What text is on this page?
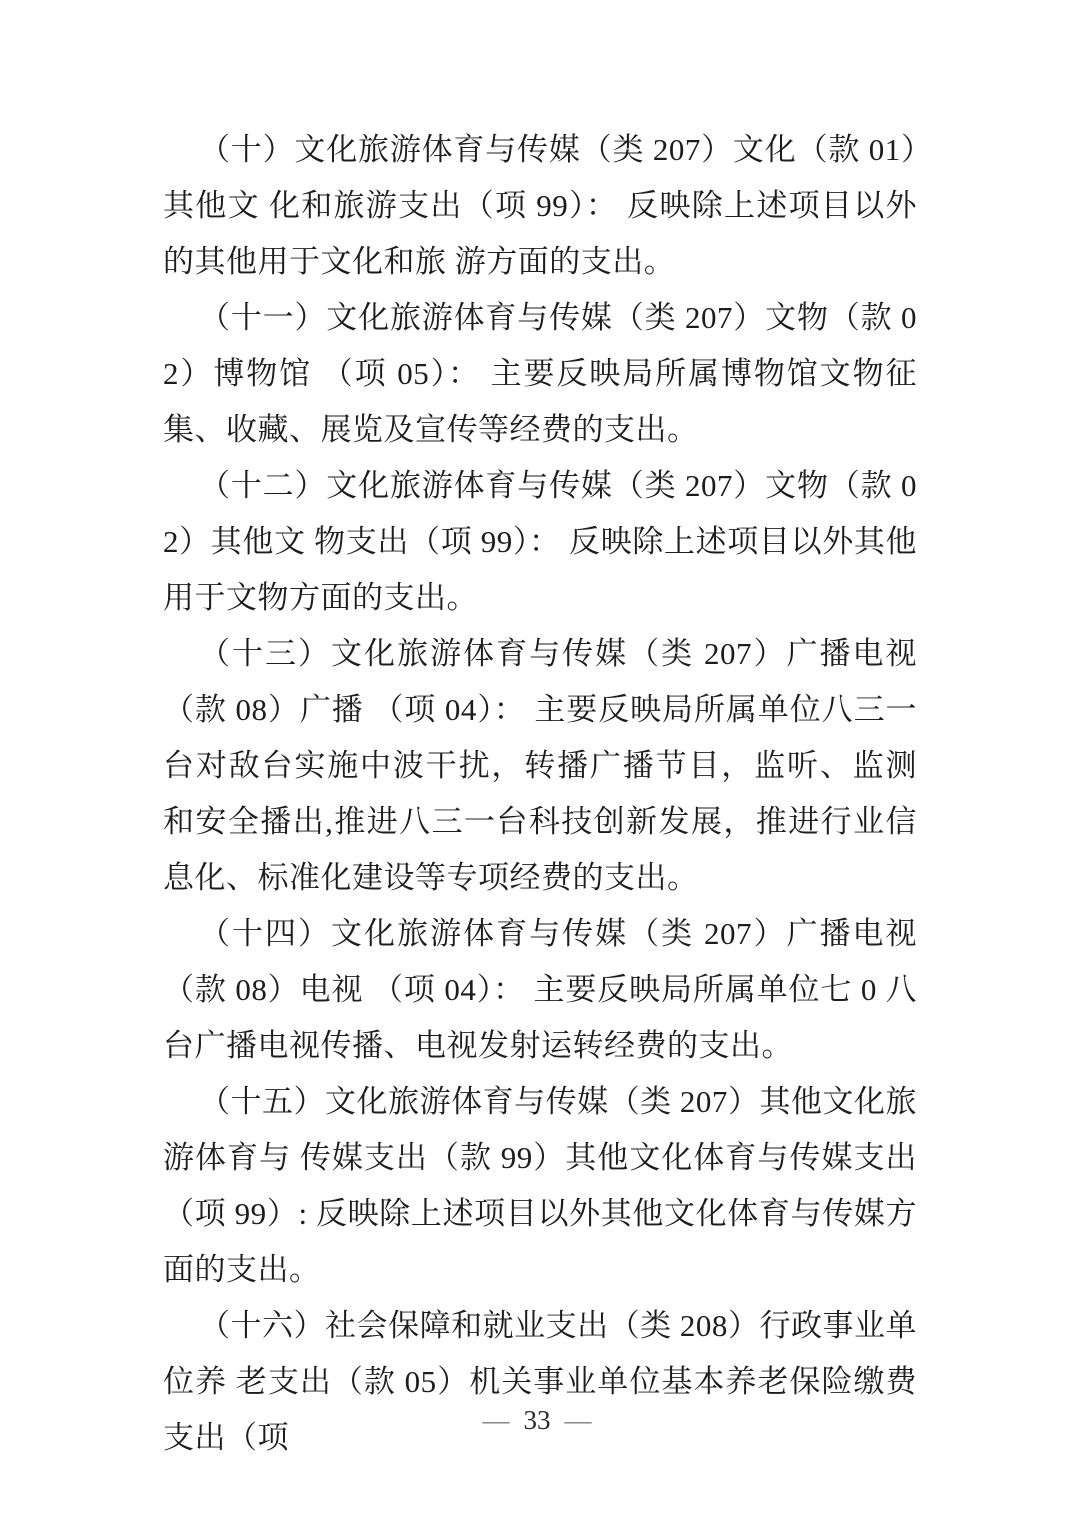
（十）文化旅游体育与传媒（类 207）文化（款 01）其他文 化和旅游支出（项 99）： 反映除上述项目以外的其他用于文化和旅 游方面的支出。

（十一）文化旅游体育与传媒（类 207）文物（款 02）博物馆 （项 05）： 主要反映局所属博物馆文物征集、收藏、展览及宣传等经费的支出。

（十二）文化旅游体育与传媒（类 207）文物（款 02）其他文 物支出（项 99）： 反映除上述项目以外其他用于文物方面的支出。

（十三）文化旅游体育与传媒（类 207）广播电视（款 08）广播 （项 04）： 主要反映局所属单位八三一台对敌台实施中波干扰，转播广播节目，监听、监测和安全播出,推进八三一台科技创新发展，推进行业信息化、标准化建设等专项经费的支出。

（十四）文化旅游体育与传媒（类 207）广播电视（款 08）电视 （项 04）： 主要反映局所属单位七 0 八台广播电视传播、电视发射运转经费的支出。

（十五）文化旅游体育与传媒（类 207）其他文化旅游体育与 传媒支出（款 99）其他文化体育与传媒支出（项 99）: 反映除上述项目以外其他文化体育与传媒方面的支出。

（十六）社会保障和就业支出（类 208）行政事业单位养 老支出（款 05）机关事业单位基本养老保险缴费支出（项	— 33 —
